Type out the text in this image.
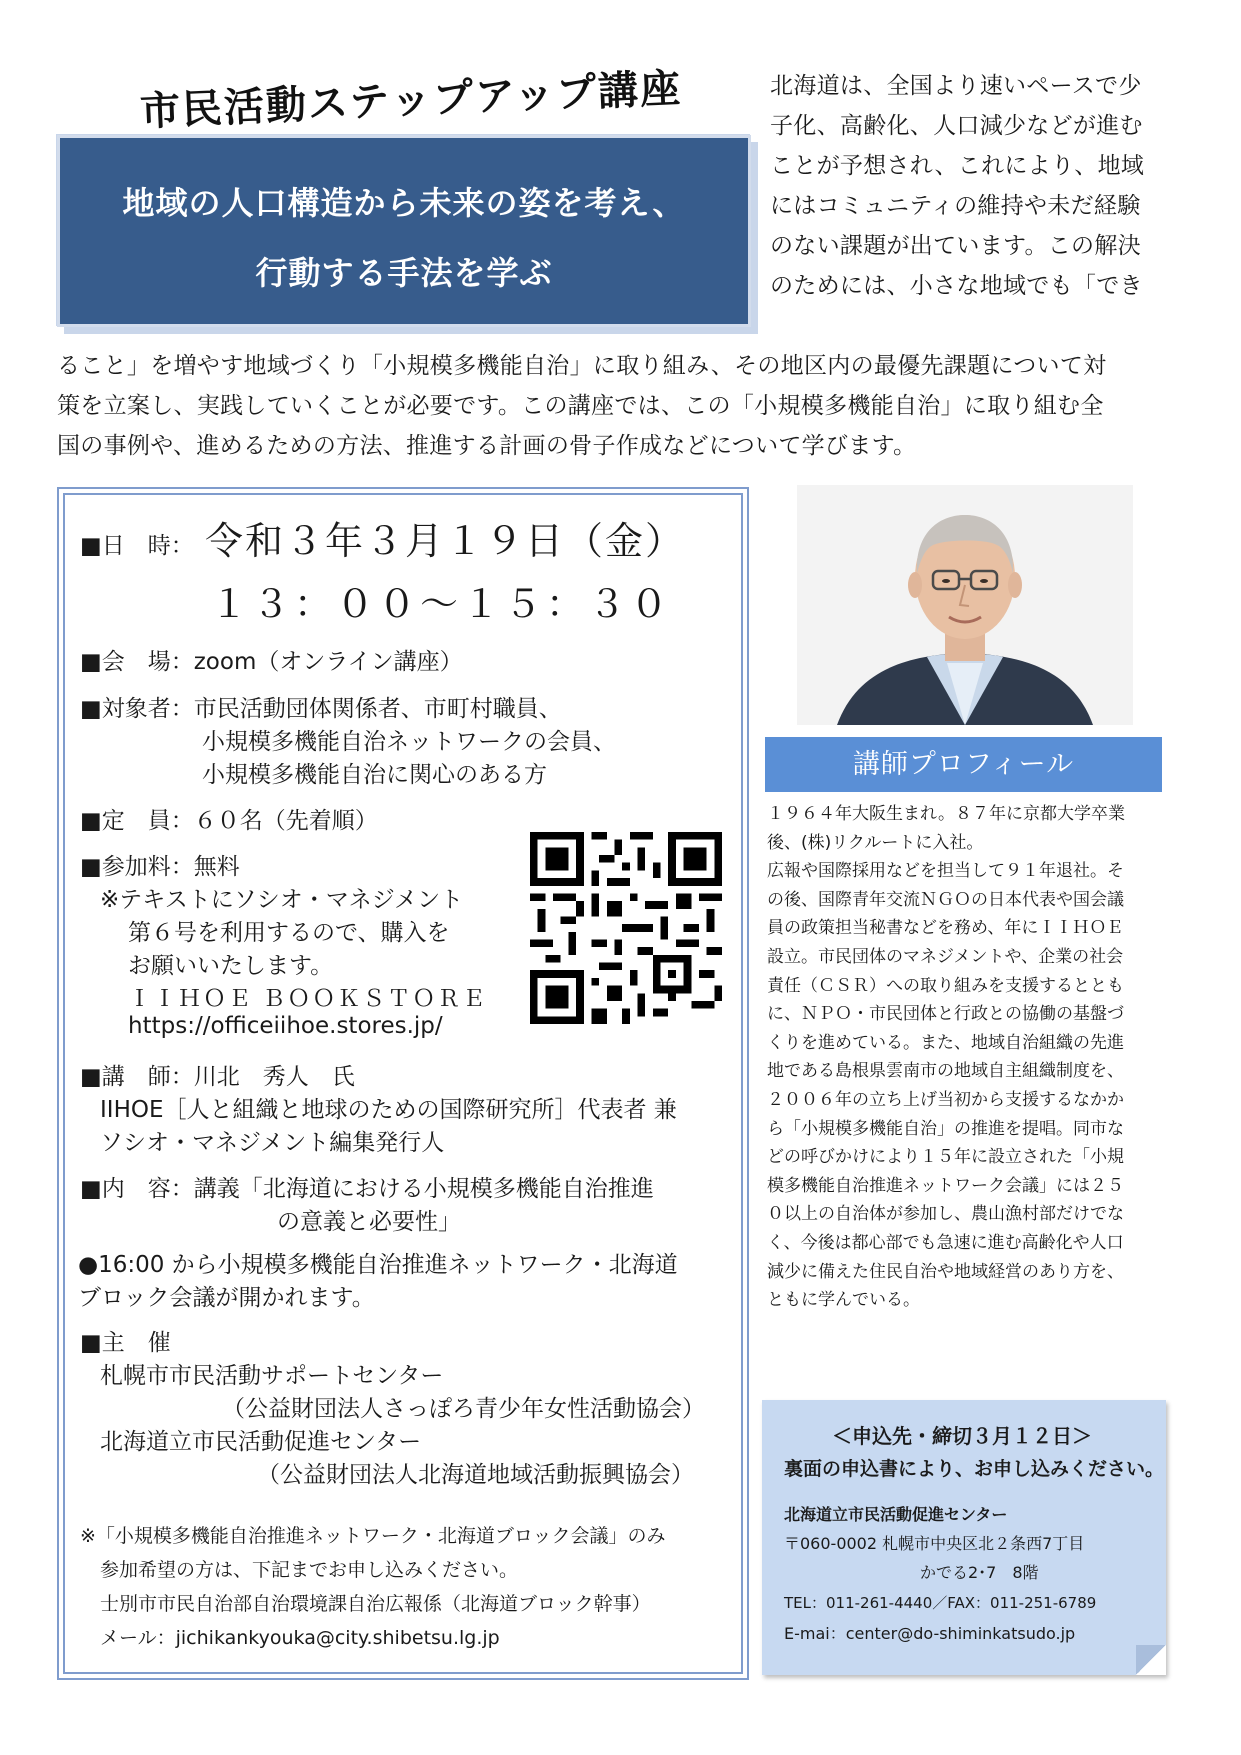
市民活動ステップアップ講座
地域の人口構造から未来の姿を考え、
行動する手法を学ぶ
北海道は、全国より速いペースで少
子化、高齢化、人口減少などが進む
ことが予想され、これにより、地域
にはコミュニティの維持や未だ経験
のない課題が出ています。この解決
のためには、小さな地域でも「でき
ること」を増やす地域づくり「小規模多機能自治」に取り組み、その地区内の最優先課題について対
策を立案し、実践していくことが必要です。この講座では、この「小規模多機能自治」に取り組む全
国の事例や、進めるための方法、推進する計画の骨子作成などについて学びます。
■日　時： 令和３年３月１９日（金）
１３：００～１５：３０
■会　場：zoom（オンライン講座）
■対象者：市民活動団体関係者、市町村職員、
小規模多機能自治ネットワークの会員、
小規模多機能自治に関心のある方
■定　員：６０名（先着順）
■参加料：無料
※テキストにソシオ・マネジメント
第６号を利用するので、購入を
お願いいたします。
ＩＩＨＯＥ ＢＯＯＫＳＴＯＲＥ
https://officeiihoe.stores.jp/
■講　師：川北　秀人　氏
IIHOE［人と組織と地球のための国際研究所］代表者 兼
ソシオ・マネジメント編集発行人
■内　容：講義「北海道における小規模多機能自治推進
の意義と必要性」
●16:00 から小規模多機能自治推進ネットワーク・北海道
ブロック会議が開かれます。
■主　催
札幌市市民活動サポートセンター
（公益財団法人さっぽろ青少年女性活動協会）
北海道立市民活動促進センター
（公益財団法人北海道地域活動振興協会）
※「小規模多機能自治推進ネットワーク・北海道ブロック会議」のみ
参加希望の方は、下記までお申し込みください。
士別市市民自治部自治環境課自治広報係（北海道ブロック幹事）
メール：jichikankyouka@city.shibetsu.lg.jp
講師プロフィール
１９６４年大阪生まれ。８７年に京都大学卒業
後、(株)リクルートに入社。
広報や国際採用などを担当して９１年退社。そ
の後、国際青年交流ＮＧＯの日本代表や国会議
員の政策担当秘書などを務め、年にＩＩＨＯＥ
設立。市民団体のマネジメントや、企業の社会
責任（ＣＳＲ）への取り組みを支援するととも
に、ＮＰＯ・市民団体と行政との協働の基盤づ
くりを進めている。また、地域自治組織の先進
地である島根県雲南市の地域自主組織制度を、
２００６年の立ち上げ当初から支援するなかか
ら「小規模多機能自治」の推進を提唱。同市な
どの呼びかけにより１５年に設立された「小規
模多機能自治推進ネットワーク会議」には２５
０以上の自治体が参加し、農山漁村部だけでな
く、今後は都心部でも急速に進む高齢化や人口
減少に備えた住民自治や地域経営のあり方を、
ともに学んでいる。
＜申込先・締切３月１２日＞
裏面の申込書により、お申し込みください。
北海道立市民活動促進センター
〒060-0002 札幌市中央区北２条西7丁目
かでる2･7　8階
TEL：011-261-4440／FAX：011-251-6789
E-mai：center@do-shiminkatsudo.jp
